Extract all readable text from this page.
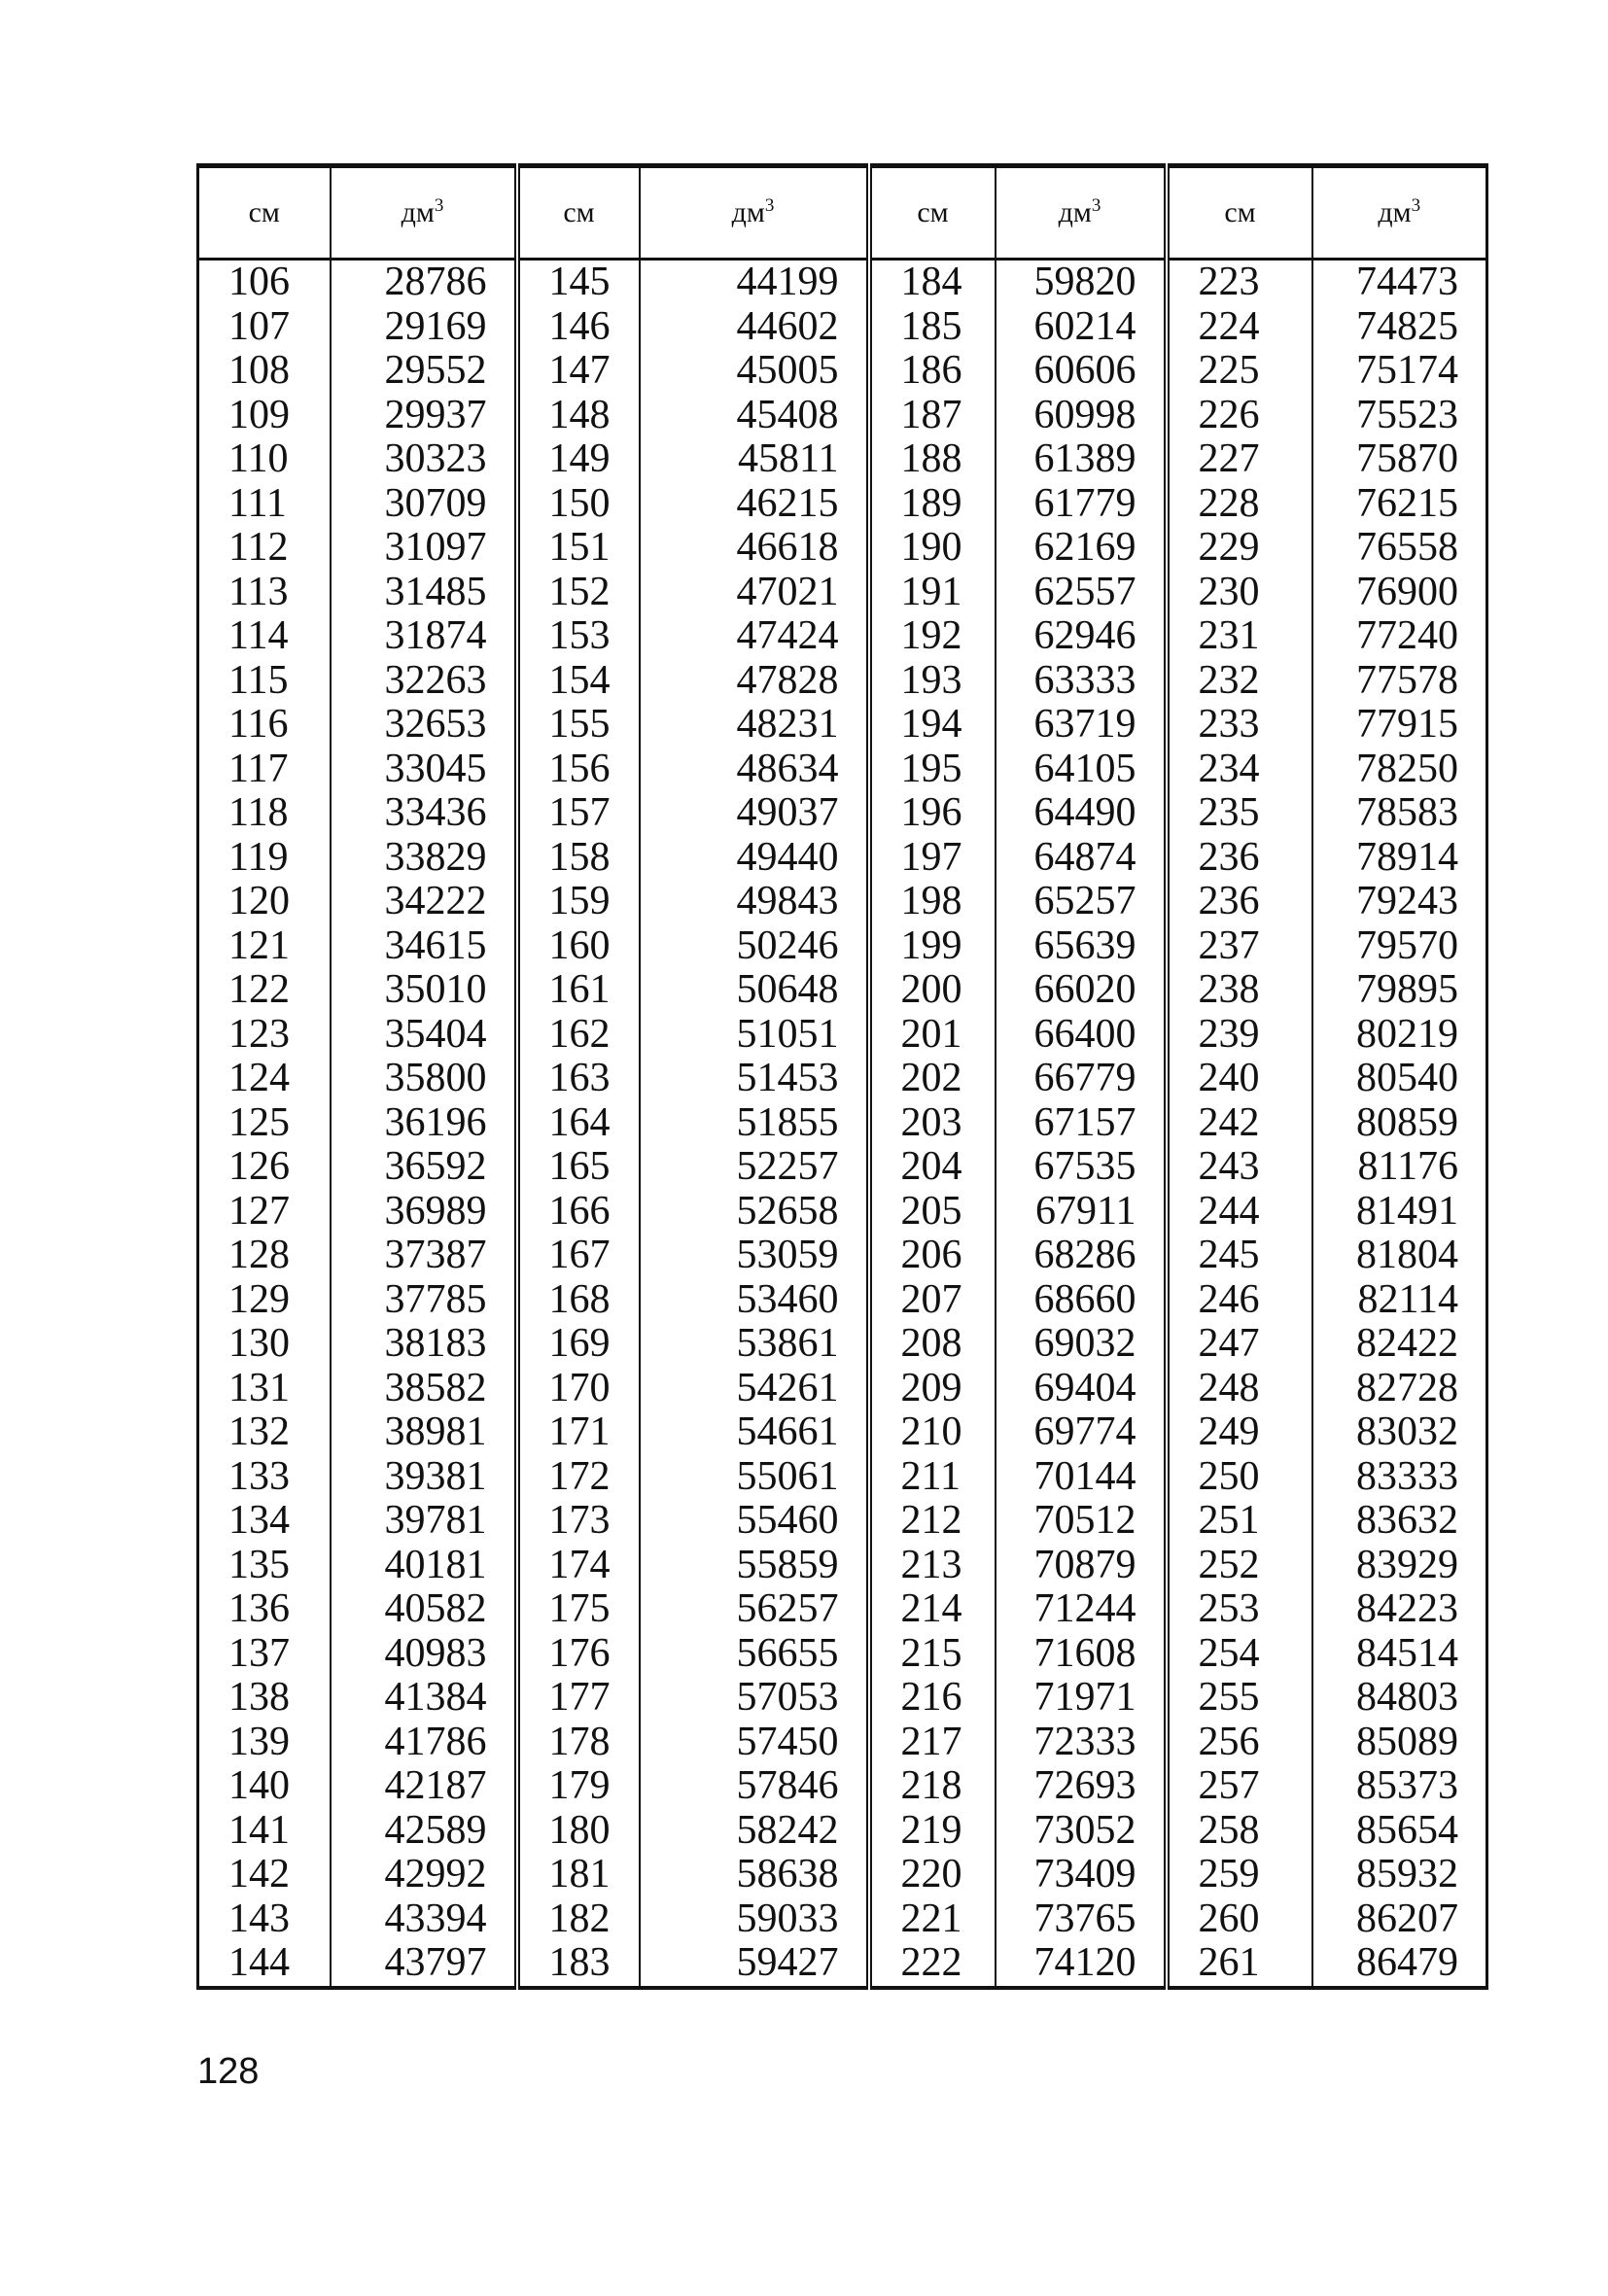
см	$дм^3$	см	$дм^3$	см	$дм^3$	см	$дм^3$
106	28786	145	44199	184	59820	223	74473
107	29169	146	44602	185	60214	224	74825
108	29552	147	45005	186	60606	225	75174
109	29937	148	45408	187	60998	226	75523
110	30323	149	45811	188	61389	227	75870
111	30709	150	46215	189	61779	228	76215
112	31097	151	46618	190	62169	229	76558
113	31485	152	47021	191	62557	230	76900
114	31874	153	47424	192	62946	231	77240
115	32263	154	47828	193	63333	232	77578
116	32653	155	48231	194	63719	233	77915
117	33045	156	48634	195	64105	234	78250
118	33436	157	49037	196	64490	235	78583
119	33829	158	49440	197	64874	236	78914
120	34222	159	49843	198	65257	236	79243
121	34615	160	50246	199	65639	237	79570
122	35010	161	50648	200	66020	238	79895
123	35404	162	51051	201	66400	239	80219
124	35800	163	51453	202	66779	240	80540
125	36196	164	51855	203	67157	242	80859
126	36592	165	52257	204	67535	243	81176
127	36989	166	52658	205	67911	244	81491
128	37387	167	53059	206	68286	245	81804
129	37785	168	53460	207	68660	246	82114
130	38183	169	53861	208	69032	247	82422
131	38582	170	54261	209	69404	248	82728
132	38981	171	54661	210	69774	249	83032
133	39381	172	55061	211	70144	250	83333
134	39781	173	55460	212	70512	251	83632
135	40181	174	55859	213	70879	252	83929
136	40582	175	56257	214	71244	253	84223
137	40983	176	56655	215	71608	254	84514
138	41384	177	57053	216	71971	255	84803
139	41786	178	57450	217	72333	256	85089
140	42187	179	57846	218	72693	257	85373
141	42589	180	58242	219	73052	258	85654
142	42992	181	58638	220	73409	259	85932
143	43394	182	59033	221	73765	260	86207
144	43797	183	59427	222	74120	261	86479
128
